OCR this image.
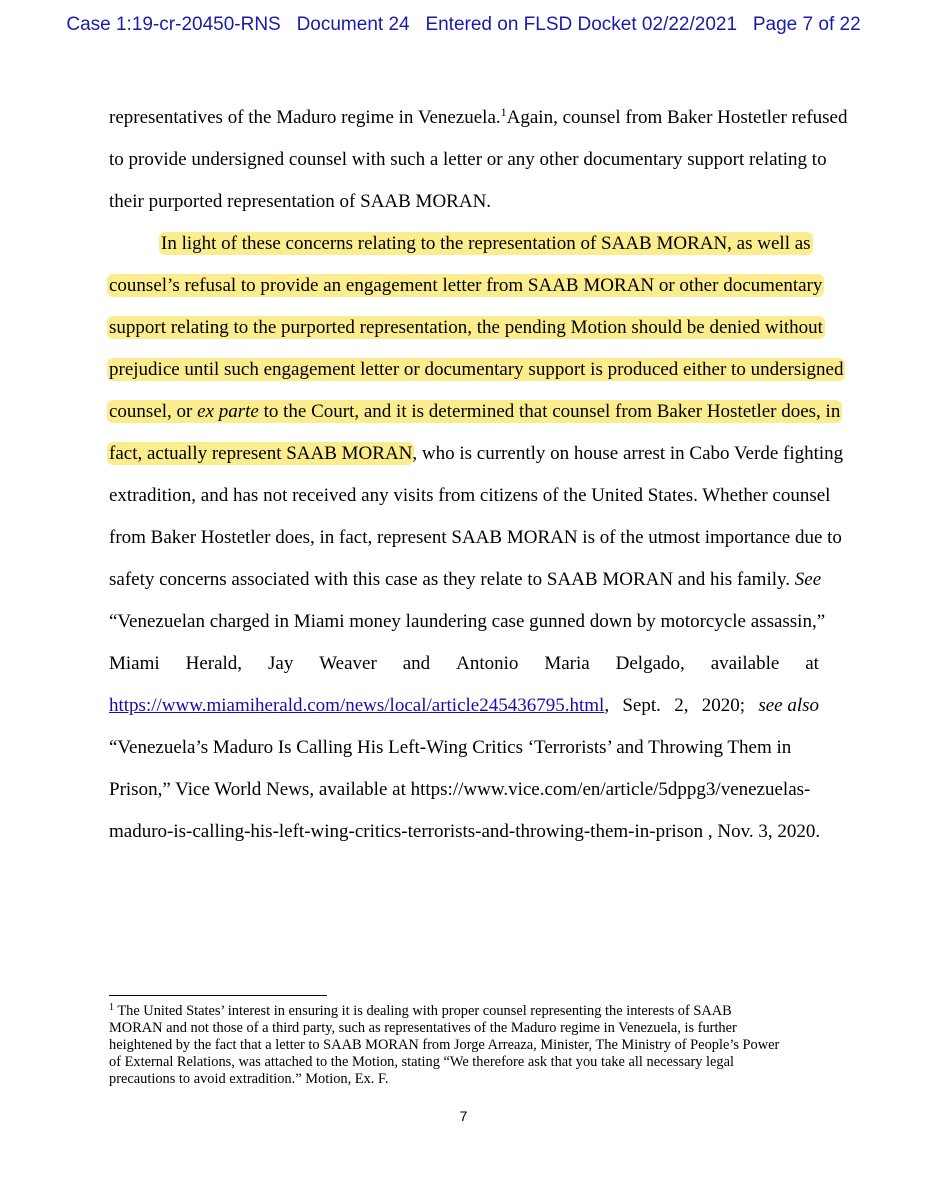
Case 1:19-cr-20450-RNS Document 24 Entered on FLSD Docket 02/22/2021 Page 7 of 22
representatives of the Maduro regime in Venezuela.$^1$ Again, counsel from Baker Hostetler refused
to provide undersigned counsel with such a letter or any other documentary support relating to
their purported representation of SAAB MORAN.
In light of these concerns relating to the representation of SAAB MORAN, as well as
counsel’s refusal to provide an engagement letter from SAAB MORAN or other documentary
support relating to the purported representation, the pending Motion should be denied without
prejudice until such engagement letter or documentary support is produced either to undersigned
counsel, or ex parte to the Court, and it is determined that counsel from Baker Hostetler does, in
fact, actually represent SAAB MORAN, who is currently on house arrest in Cabo Verde fighting
extradition, and has not received any visits from citizens of the United States. Whether counsel
from Baker Hostetler does, in fact, represent SAAB MORAN is of the utmost importance due to
safety concerns associated with this case as they relate to SAAB MORAN and his family. See
“Venezuelan charged in Miami money laundering case gunned down by motorcycle assassin,”
Miami Herald, Jay Weaver and Antonio Maria Delgado, available at
https://www.miamiherald.com/news/local/article245436795.html, Sept. 2, 2020; see also
“Venezuela’s Maduro Is Calling His Left-Wing Critics ‘Terrorists’ and Throwing Them in
Prison,” Vice World News, available at https://www.vice.com/en/article/5dppg3/venezuelas-
maduro-is-calling-his-left-wing-critics-terrorists-and-throwing-them-in-prison , Nov. 3, 2020.
$^1$ The United States’ interest in ensuring it is dealing with proper counsel representing the interests of SAAB
MORAN and not those of a third party, such as representatives of the Maduro regime in Venezuela, is further
heightened by the fact that a letter to SAAB MORAN from Jorge Arreaza, Minister, The Ministry of People’s Power
of External Relations, was attached to the Motion, stating “We therefore ask that you take all necessary legal
precautions to avoid extradition.” Motion, Ex. F.
7
